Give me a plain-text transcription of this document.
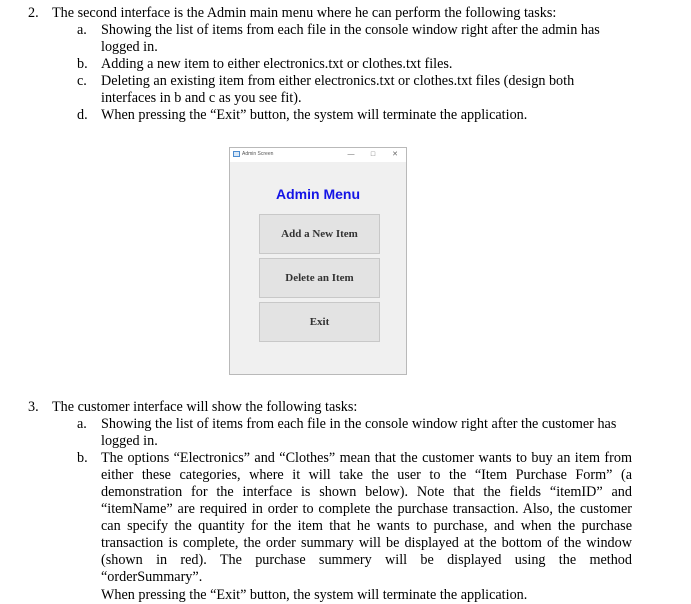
2. The second interface is the Admin main menu where he can perform the following tasks:
a. Showing the list of items from each file in the console window right after the admin has
logged in.
b. Adding a new item to either electronics.txt or clothes.txt files.
c. Deleting an existing item from either electronics.txt or clothes.txt files (design both
interfaces in b and c as you see fit).
d. When pressing the “Exit” button, the system will terminate the application.
Admin Screen	—	□	✕
Admin Menu
Add a New Item
Delete an Item
Exit
3. The customer interface will show the following tasks:
a. Showing the list of items from each file in the console window right after the customer has
logged in.
b. The options “Electronics” and “Clothes” mean that the customer wants to buy an item from
either these categories, where it will take the user to the “Item Purchase Form” (a
demonstration for the interface is shown below). Note that the fields “itemID” and
“itemName” are required in order to complete the purchase transaction. Also, the customer
can specify the quantity for the item that he wants to purchase, and when the purchase
transaction is complete, the order summary will be displayed at the bottom of the window
(shown in red). The purchase summery will be displayed using the method
“orderSummary”.
When pressing the “Exit” button, the system will terminate the application.
